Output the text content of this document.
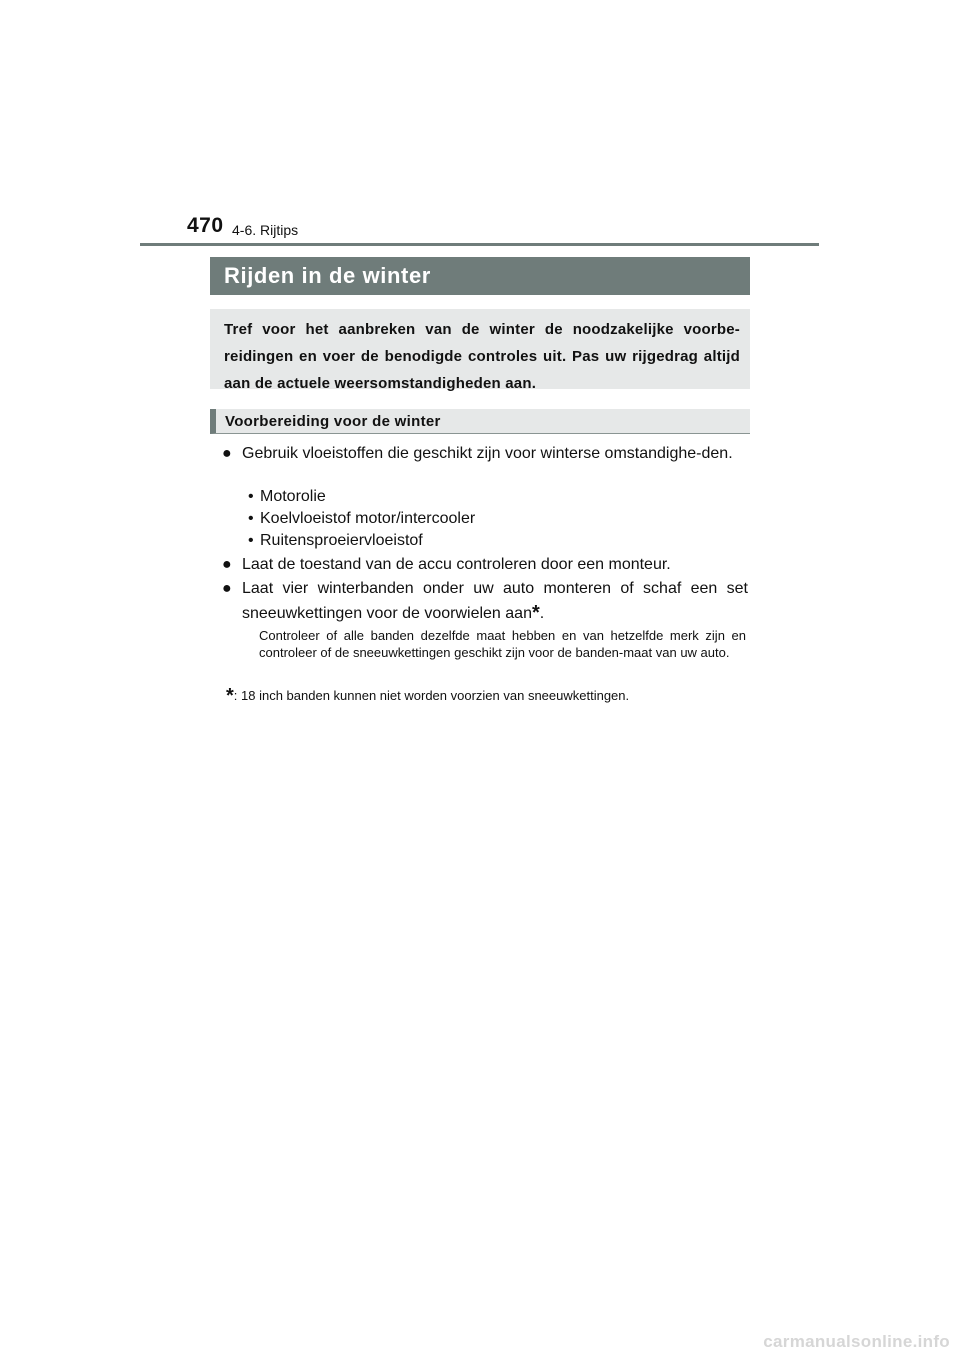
470 4-6. Rijtips
Rijden in de winter
Tref voor het aanbreken van de winter de noodzakelijke voorbe-reidingen en voer de benodigde controles uit. Pas uw rijgedrag altijd aan de actuele weersomstandigheden aan.
Voorbereiding voor de winter
● Gebruik vloeistoffen die geschikt zijn voor winterse omstandighe-den.
• Motorolie
• Koelvloeistof motor/intercooler
• Ruitensproeiervloeistof
● Laat de toestand van de accu controleren door een monteur.
● Laat vier winterbanden onder uw auto monteren of schaf een set sneeuwkettingen voor de voorwielen aan*.
Controleer of alle banden dezelfde maat hebben en van hetzelfde merk zijn en controleer of de sneeuwkettingen geschikt zijn voor de banden-maat van uw auto.
*: 18 inch banden kunnen niet worden voorzien van sneeuwkettingen.
carmanualsonline.info
